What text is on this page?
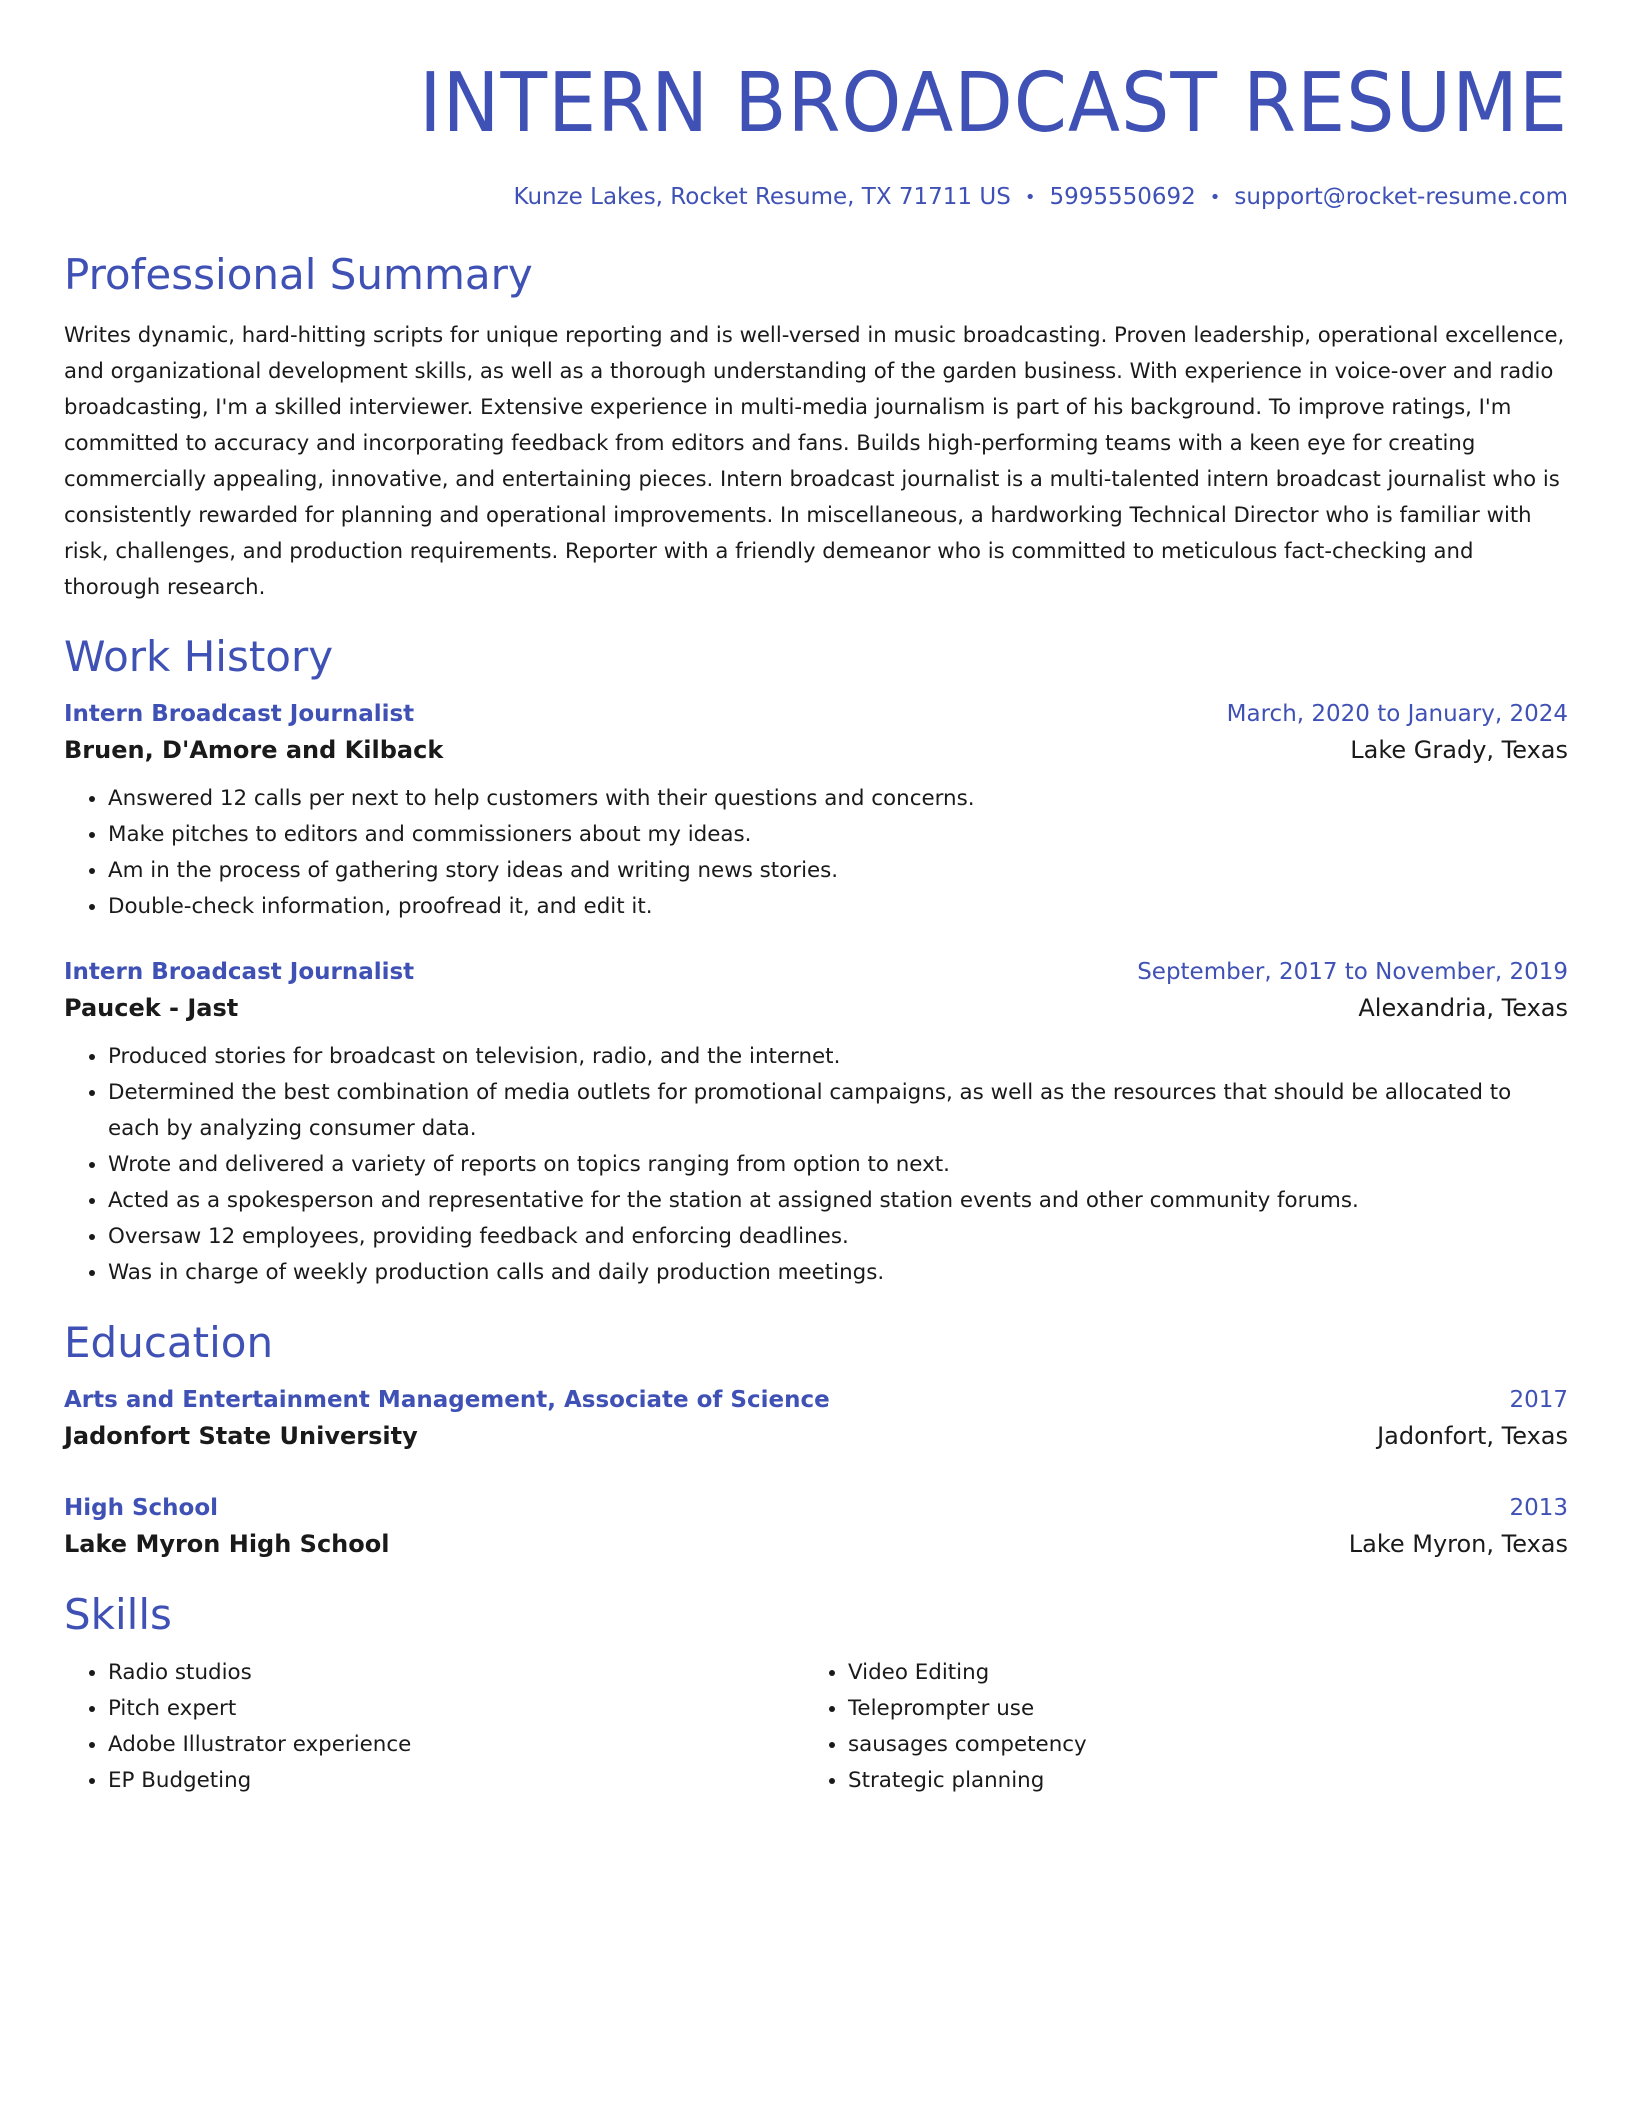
INTERN BROADCAST RESUME
Kunze Lakes, Rocket Resume, TX 71711 US • 5995550692 • support@rocket-resume.com
Professional Summary
Writes dynamic, hard-hitting scripts for unique reporting and is well-versed in music broadcasting. Proven leadership, operational excellence, and organizational development skills, as well as a thorough understanding of the garden business. With experience in voice-over and radio broadcasting, I'm a skilled interviewer. Extensive experience in multi-media journalism is part of his background. To improve ratings, I'm committed to accuracy and incorporating feedback from editors and fans. Builds high-performing teams with a keen eye for creating commercially appealing, innovative, and entertaining pieces. Intern broadcast journalist is a multi-talented intern broadcast journalist who is consistently rewarded for planning and operational improvements. In miscellaneous, a hardworking Technical Director who is familiar with risk, challenges, and production requirements. Reporter with a friendly demeanor who is committed to meticulous fact-checking and thorough research.
Work History
Intern Broadcast Journalist	March, 2020 to January, 2024
Bruen, D'Amore and Kilback	Lake Grady, Texas
• Answered 12 calls per next to help customers with their questions and concerns.
• Make pitches to editors and commissioners about my ideas.
• Am in the process of gathering story ideas and writing news stories.
• Double-check information, proofread it, and edit it.
Intern Broadcast Journalist	September, 2017 to November, 2019
Paucek - Jast	Alexandria, Texas
• Produced stories for broadcast on television, radio, and the internet.
• Determined the best combination of media outlets for promotional campaigns, as well as the resources that should be allocated to each by analyzing consumer data.
• Wrote and delivered a variety of reports on topics ranging from option to next.
• Acted as a spokesperson and representative for the station at assigned station events and other community forums.
• Oversaw 12 employees, providing feedback and enforcing deadlines.
• Was in charge of weekly production calls and daily production meetings.
Education
Arts and Entertainment Management, Associate of Science	2017
Jadonfort State University	Jadonfort, Texas
High School	2013
Lake Myron High School	Lake Myron, Texas
Skills
• Radio studios
• Pitch expert
• Adobe Illustrator experience
• EP Budgeting
• Video Editing
• Teleprompter use
• sausages competency
• Strategic planning
